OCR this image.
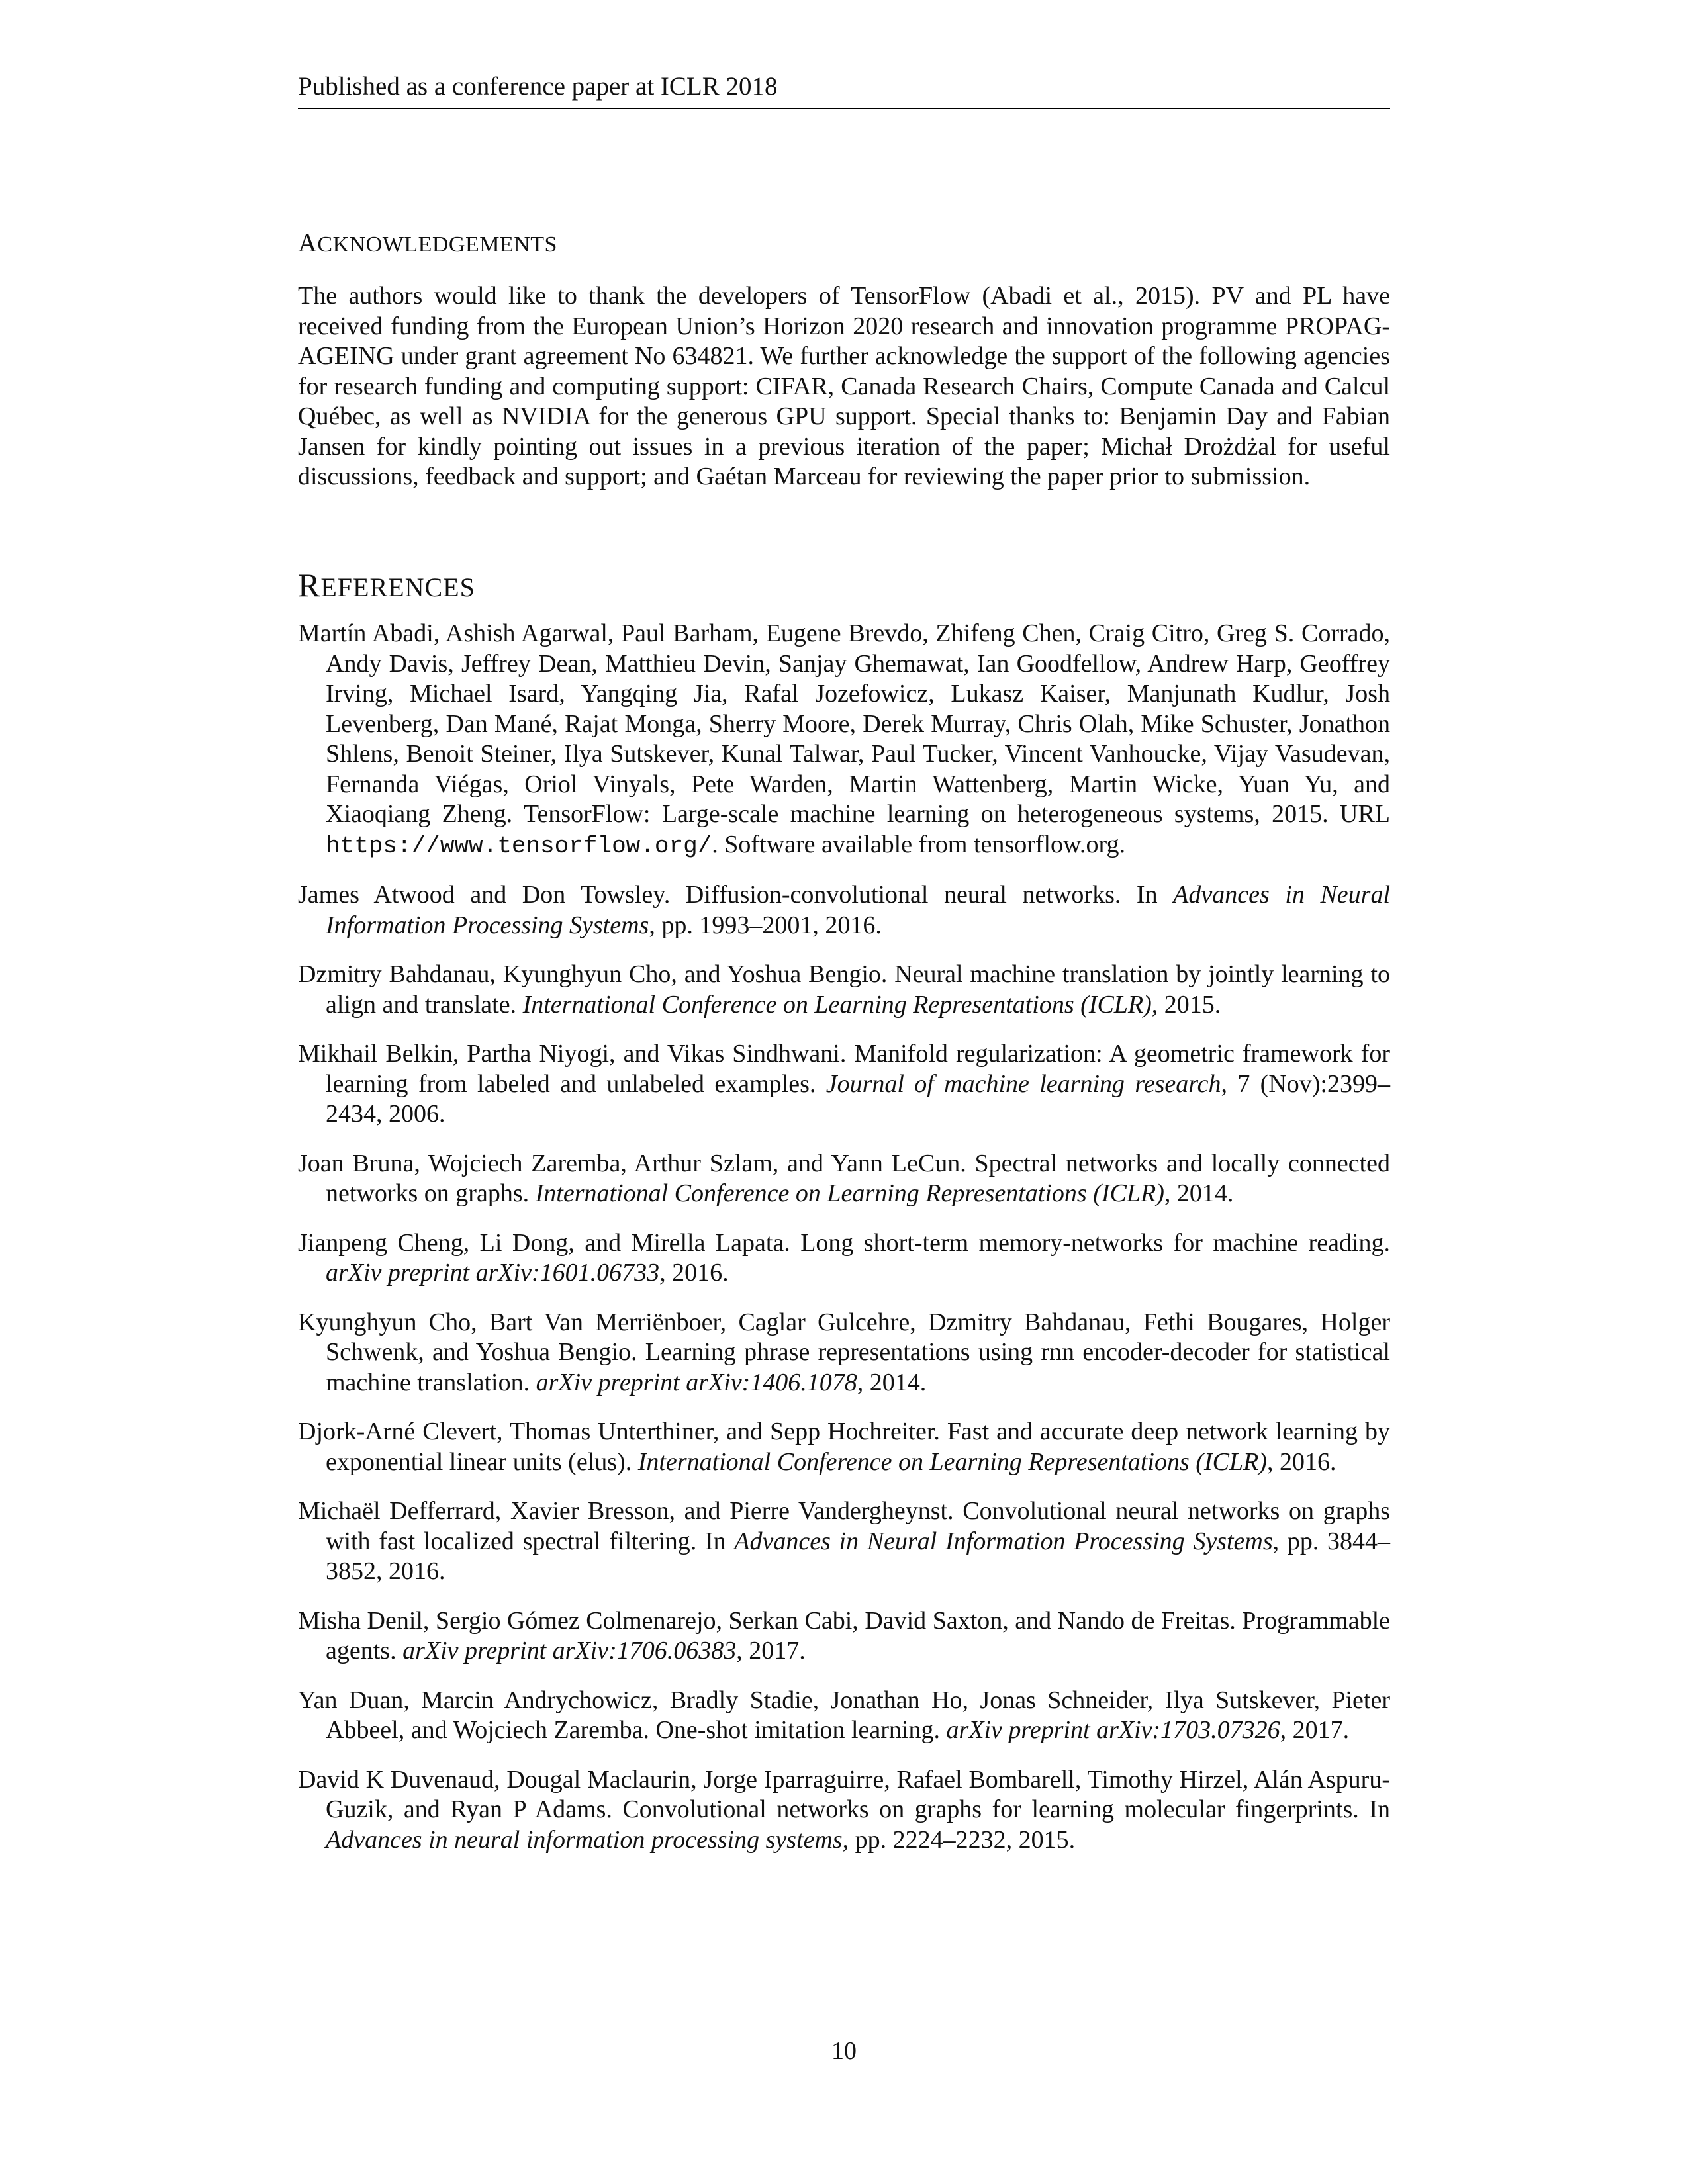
Published as a conference paper at ICLR 2018
ACKNOWLEDGEMENTS

The authors would like to thank the developers of TensorFlow (Abadi et al., 2015). PV and PL have received funding from the European Union’s Horizon 2020 research and innovation programme PROPAG-AGEING under grant agreement No 634821. We further acknowledge the support of the following agencies for research funding and computing support: CIFAR, Canada Research Chairs, Compute Canada and Calcul Québec, as well as NVIDIA for the generous GPU support. Special thanks to: Benjamin Day and Fabian Jansen for kindly pointing out issues in a previous iteration of the paper; Michał Drożdżal for useful discussions, feedback and support; and Gaétan Marceau for reviewing the paper prior to submission.

REFERENCES
Martín Abadi, Ashish Agarwal, Paul Barham, Eugene Brevdo, Zhifeng Chen, Craig Citro, Greg S. Corrado, Andy Davis, Jeffrey Dean, Matthieu Devin, Sanjay Ghemawat, Ian Goodfellow, Andrew Harp, Geoffrey Irving, Michael Isard, Yangqing Jia, Rafal Jozefowicz, Lukasz Kaiser, Manjunath Kudlur, Josh Levenberg, Dan Mané, Rajat Monga, Sherry Moore, Derek Murray, Chris Olah, Mike Schuster, Jonathon Shlens, Benoit Steiner, Ilya Sutskever, Kunal Talwar, Paul Tucker, Vincent Vanhoucke, Vijay Vasudevan, Fernanda Viégas, Oriol Vinyals, Pete Warden, Martin Wattenberg, Martin Wicke, Yuan Yu, and Xiaoqiang Zheng. TensorFlow: Large-scale machine learning on heterogeneous systems, 2015. URL https://www.tensorflow.org/. Software available from tensorflow.org.
James Atwood and Don Towsley. Diffusion-convolutional neural networks. In Advances in Neural Information Processing Systems, pp. 1993–2001, 2016.
Dzmitry Bahdanau, Kyunghyun Cho, and Yoshua Bengio. Neural machine translation by jointly learning to align and translate. International Conference on Learning Representations (ICLR), 2015.
Mikhail Belkin, Partha Niyogi, and Vikas Sindhwani. Manifold regularization: A geometric framework for learning from labeled and unlabeled examples. Journal of machine learning research, 7 (Nov):2399–2434, 2006.
Joan Bruna, Wojciech Zaremba, Arthur Szlam, and Yann LeCun. Spectral networks and locally connected networks on graphs. International Conference on Learning Representations (ICLR), 2014.
Jianpeng Cheng, Li Dong, and Mirella Lapata. Long short-term memory-networks for machine reading. arXiv preprint arXiv:1601.06733, 2016.
Kyunghyun Cho, Bart Van Merriënboer, Caglar Gulcehre, Dzmitry Bahdanau, Fethi Bougares, Holger Schwenk, and Yoshua Bengio. Learning phrase representations using rnn encoder-decoder for statistical machine translation. arXiv preprint arXiv:1406.1078, 2014.
Djork-Arné Clevert, Thomas Unterthiner, and Sepp Hochreiter. Fast and accurate deep network learning by exponential linear units (elus). International Conference on Learning Representations (ICLR), 2016.
Michaël Defferrard, Xavier Bresson, and Pierre Vandergheynst. Convolutional neural networks on graphs with fast localized spectral filtering. In Advances in Neural Information Processing Systems, pp. 3844–3852, 2016.
Misha Denil, Sergio Gómez Colmenarejo, Serkan Cabi, David Saxton, and Nando de Freitas. Programmable agents. arXiv preprint arXiv:1706.06383, 2017.
Yan Duan, Marcin Andrychowicz, Bradly Stadie, Jonathan Ho, Jonas Schneider, Ilya Sutskever, Pieter Abbeel, and Wojciech Zaremba. One-shot imitation learning. arXiv preprint arXiv:1703.07326, 2017.
David K Duvenaud, Dougal Maclaurin, Jorge Iparraguirre, Rafael Bombarell, Timothy Hirzel, Alán Aspuru-Guzik, and Ryan P Adams. Convolutional networks on graphs for learning molecular fingerprints. In Advances in neural information processing systems, pp. 2224–2232, 2015.
10
